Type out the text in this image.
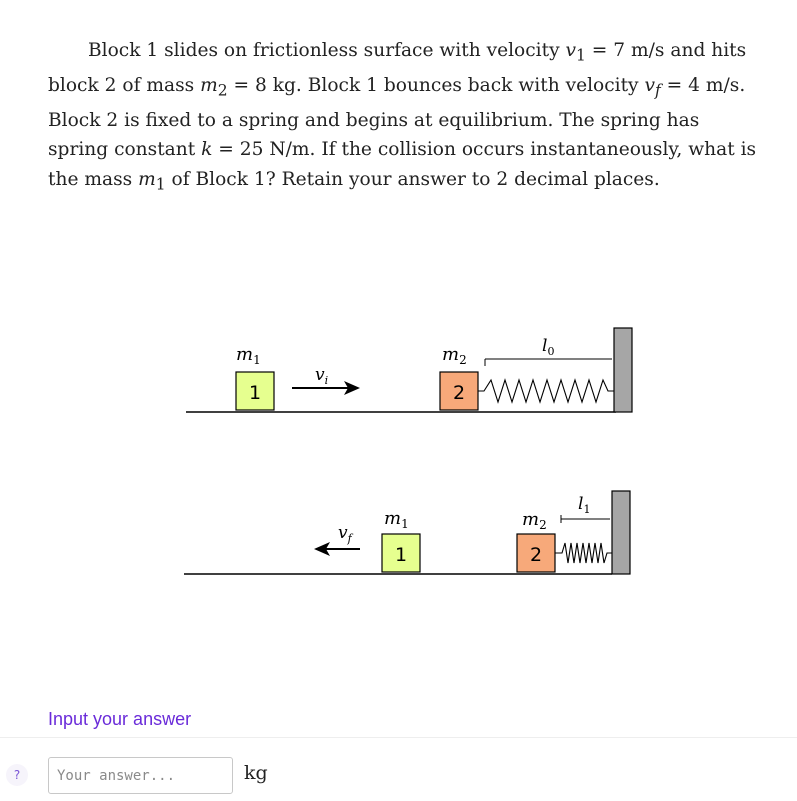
Block 1 slides on frictionless surface with velocity $v_1 = 7$ m/s and hits block 2 of mass $m_2 = 8$ kg. Block 1 bounces back with velocity $v_f = 4$ m/s. Block 2 is fixed to a spring and begins at equilibrium. The spring has spring constant k = 25 N/m. If the collision occurs instantaneously, what is the mass $m_1$ of Block 1? Retain your answer to 2 decimal places.

1
$m_1$
$v_i$
2
$m_2$
$l_0$
$v_f$
1
$m_1$
2
$m_2$
$l_1$

Input your answer

?
Your answer...	kg
